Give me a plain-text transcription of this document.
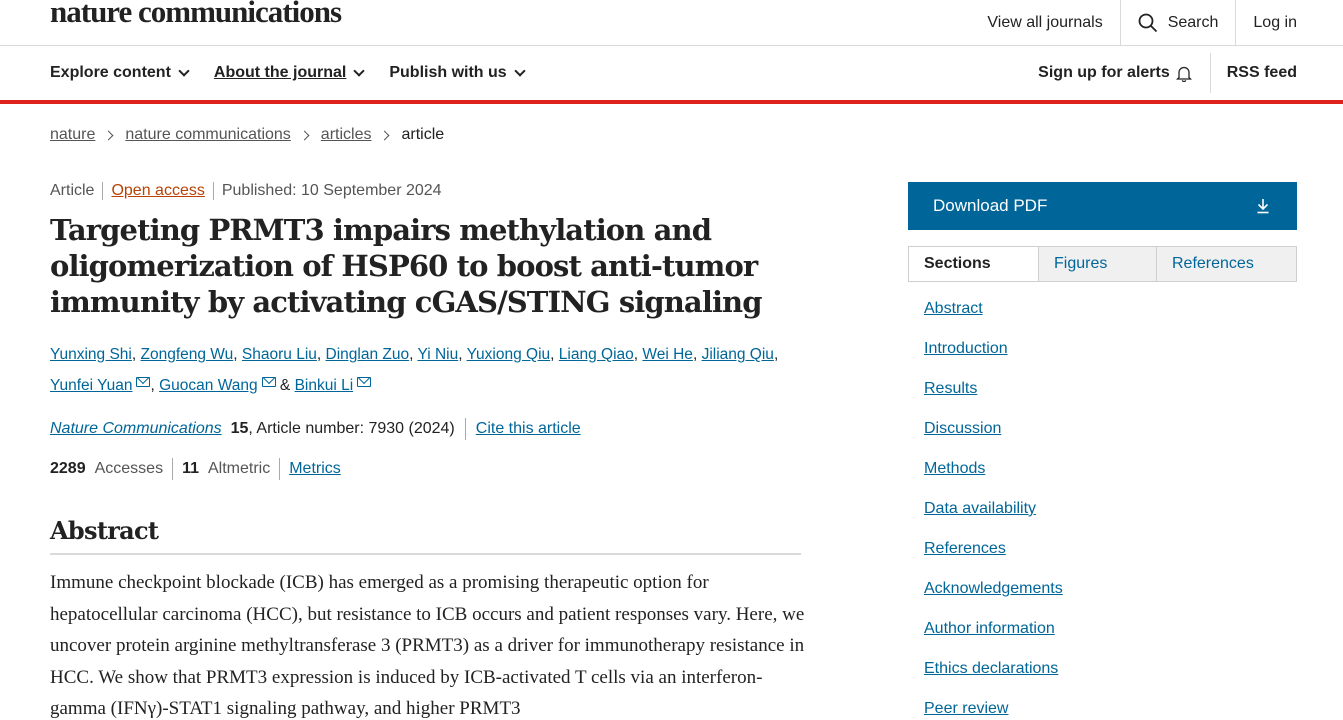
nature communications	View all journals	Search	Log in
Explore content	About the journal	Publish with us	Sign up for alerts	RSS feed
nature nature communications articles article
Article Open access Published: 10 September 2024
Targeting PRMT3 impairs methylation and oligomerization of HSP60 to boost anti-tumor immunity by activating cGAS/STING signaling
Yunxing Shi, Zongfeng Wu, Shaoru Liu, Dinglan Zuo, Yi Niu, Yuxiong Qiu, Liang Qiao, Wei He, Jiliang Qiu,
Yunfei Yuan , Guocan Wang & Binkui Li
Nature Communications 15 , Article number: 7930 (2024) Cite this article
2289 Accesses 11 Altmetric Metrics
Abstract

Immune checkpoint blockade (ICB) has emerged as a promising therapeutic option for hepatocellular carcinoma (HCC), but resistance to ICB occurs and patient responses vary. Here, we uncover protein arginine methyltransferase 3 (PRMT3) as a driver for immunotherapy resistance in HCC. We show that PRMT3 expression is induced by ICB-activated T cells via an interferon-gamma (IFNγ)-STAT1 signaling pathway, and higher PRMT3

Download PDF
Sections	Figures	References
Abstract
Introduction
Results
Discussion
Methods
Data availability
References
Acknowledgements
Author information
Ethics declarations
Peer review
